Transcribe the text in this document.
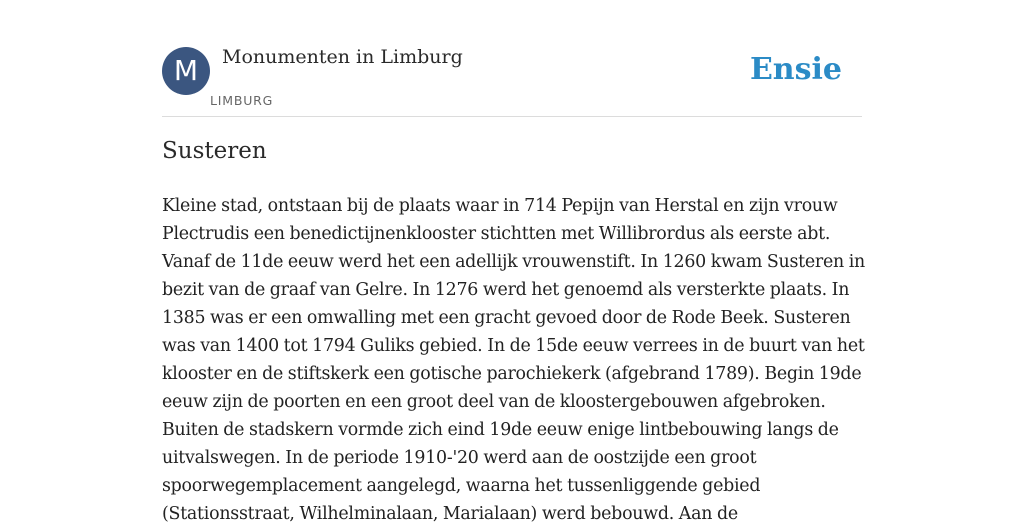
M	Monumenten in Limburg
LIMBURG
Ensie
Susteren

Kleine stad, ontstaan bij de plaats waar in 714 Pepijn van Herstal en zijn vrouw Plectrudis een benedictijnenklooster stichtten met Willibrordus als eerste abt. Vanaf de 11de eeuw werd het een adellijk vrouwenstift. In 1260 kwam Susteren in bezit van de graaf van Gelre. In 1276 werd het genoemd als versterkte plaats. In 1385 was er een omwalling met een gracht gevoed door de Rode Beek. Susteren was van 1400 tot 1794 Guliks gebied. In de 15de eeuw verrees in de buurt van het klooster en de stiftskerk een gotische parochiekerk (afgebrand 1789). Begin 19de eeuw zijn de poorten en een groot deel van de kloostergebouwen afgebroken. Buiten de stadskern vormde zich eind 19de eeuw enige lintbebouwing langs de uitvalswegen. In de periode 1910-'20 werd aan de oostzijde een groot spoorwegemplacement aangelegd, waarna het tussenliggende gebied (Stationsstraat, Wilhelminalaan, Marialaan) werd bebouwd. Aan de
